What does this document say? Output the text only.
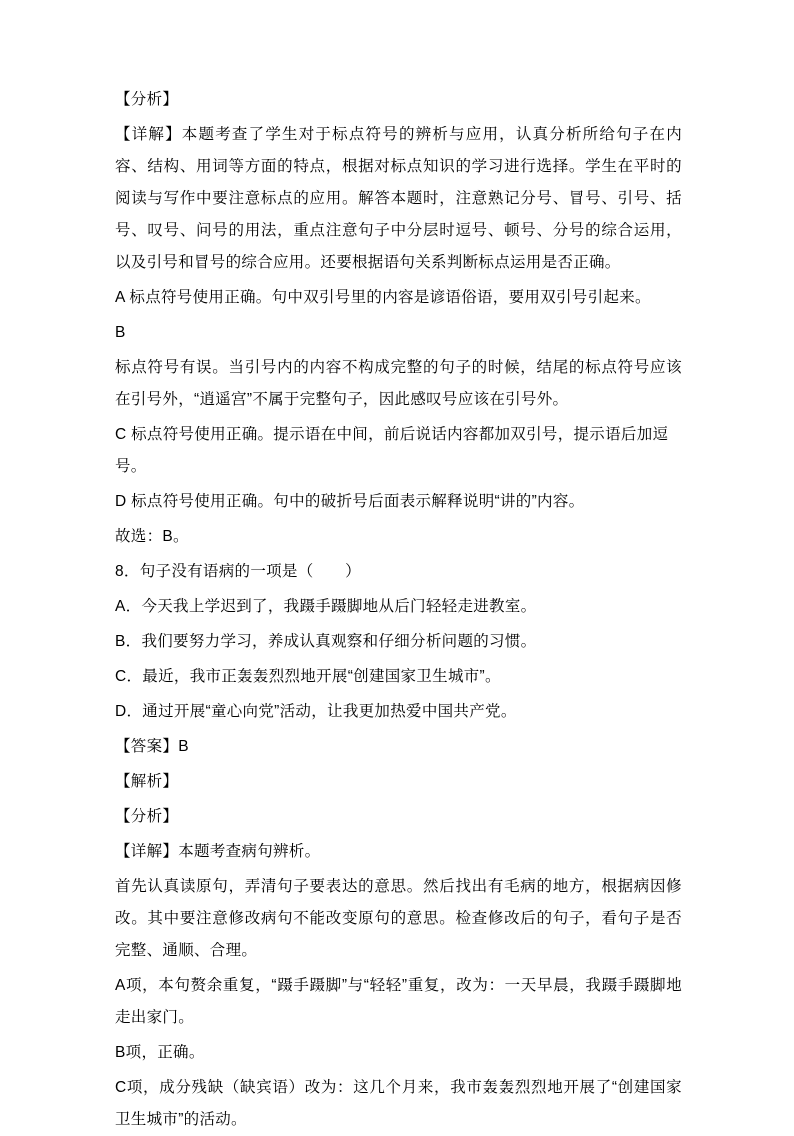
【分析】

【详解】本题考查了学生对于标点符号的辨析与应用，认真分析所给句子在内容、结构、用词等方面的特点，根据对标点知识的学习进行选择。学生在平时的阅读与写作中要注意标点的应用。解答本题时，注意熟记分号、冒号、引号、括号、叹号、问号的用法，重点注意句子中分层时逗号、顿号、分号的综合运用，以及引号和冒号的综合应用。还要根据语句关系判断标点运用是否正确。

A 标点符号使用正确。句中双引号里的内容是谚语俗语，要用双引号引起来。

B

标点符号有误。当引号内的内容不构成完整的句子的时候，结尾的标点符号应该在引号外，“逍遥宫”不属于完整句子，因此感叹号应该在引号外。

C 标点符号使用正确。提示语在中间，前后说话内容都加双引号，提示语后加逗号。

D 标点符号使用正确。句中的破折号后面表示解释说明“讲的”内容。

故选：B。

8．句子没有语病的一项是（　　）

A．今天我上学迟到了，我蹑手蹑脚地从后门轻轻走进教室。

B．我们要努力学习，养成认真观察和仔细分析问题的习惯。

C．最近，我市正轰轰烈烈地开展“创建国家卫生城市”。

D．通过开展“童心向党”活动，让我更加热爱中国共产党。

【答案】B

【解析】

【分析】

【详解】本题考查病句辨析。

首先认真读原句，弄清句子要表达的意思。然后找出有毛病的地方，根据病因修改。其中要注意修改病句不能改变原句的意思。检查修改后的句子，看句子是否完整、通顺、合理。

A项，本句赘余重复，“蹑手蹑脚”与“轻轻”重复，改为：一天早晨，我蹑手蹑脚地走出家门。

B项，正确。

C项，成分残缺（缺宾语）改为：这几个月来，我市轰轰烈烈地开展了“创建国家卫生城市”的活动。
